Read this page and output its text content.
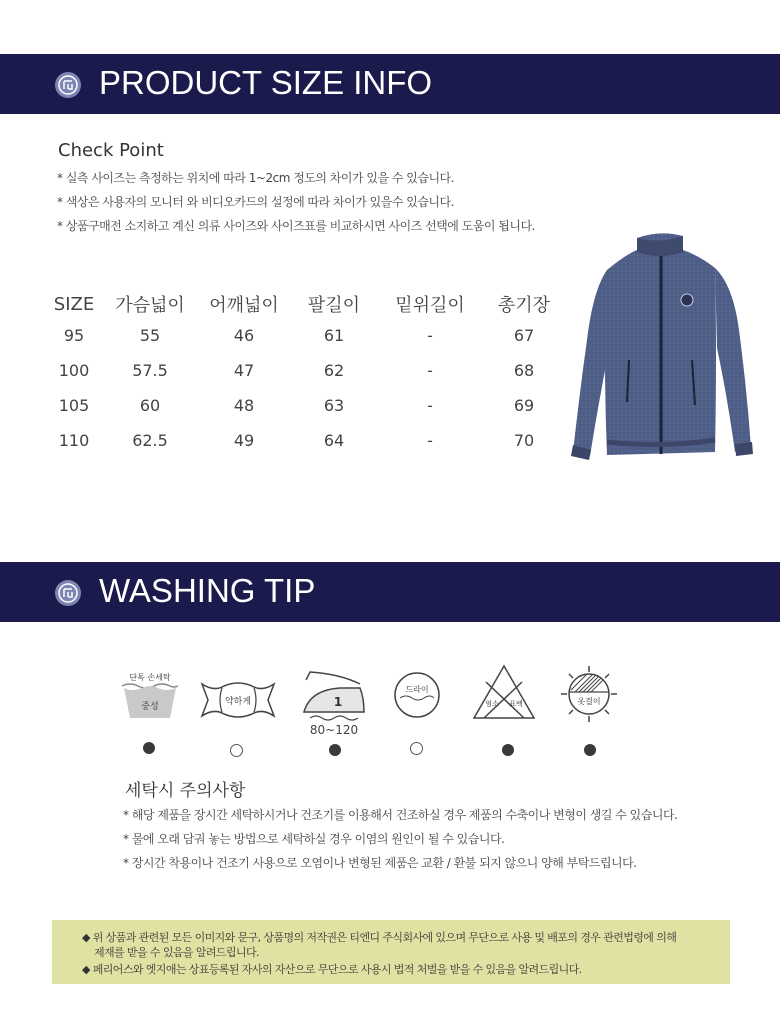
PRODUCT SIZE INFO
Check Point
* 실측 사이즈는 측정하는 위치에 따라 1~2cm 정도의 차이가 있을 수 있습니다.
* 색상은 사용자의 모니터 와 비디오카드의 설정에 따라 차이가 있을수 있습니다.
* 상품구매전 소지하고 계신 의류 사이즈와 사이즈표를 비교하시면 사이즈 선택에 도움이 됩니다.
SIZE	가슴넓이	어깨넓이	팔길이	밑위길이	총기장
95	55	46	61	-	67
100	57.5	47	62	-	68
105	60	48	63	-	69
110	62.5	49	64	-	70
WASHING TIP
단독 손세탁
중성	약하게	1
80~120
드라이
염소 표백	옷걸이
세탁시 주의사항
* 해당 제품을 장시간 세탁하시거나 건조기를 이용해서 건조하실 경우 제품의 수축이나 변형이 생길 수 있습니다.
* 물에 오래 담궈 놓는 방법으로 세탁하실 경우 이염의 원인이 될 수 있습니다.
* 장시간 착용이나 건조기 사용으로 오염이나 변형된 제품은 교환 / 환불 되지 않으니 양해 부탁드립니다.

◆ 위 상품과 관련된 모든 이미지와 문구, 상품명의 저작권은 티엔디 주식회사에 있으며 무단으로 사용 및 배포의 경우 관련법령에 의해

제재를 받을 수 있음을 알려드립니다.

◆ 페리어스와 엣지애는 상표등록된 자사의 자산으로 무단으로 사용시 법적 처벌을 받을 수 있음을 알려드립니다.
